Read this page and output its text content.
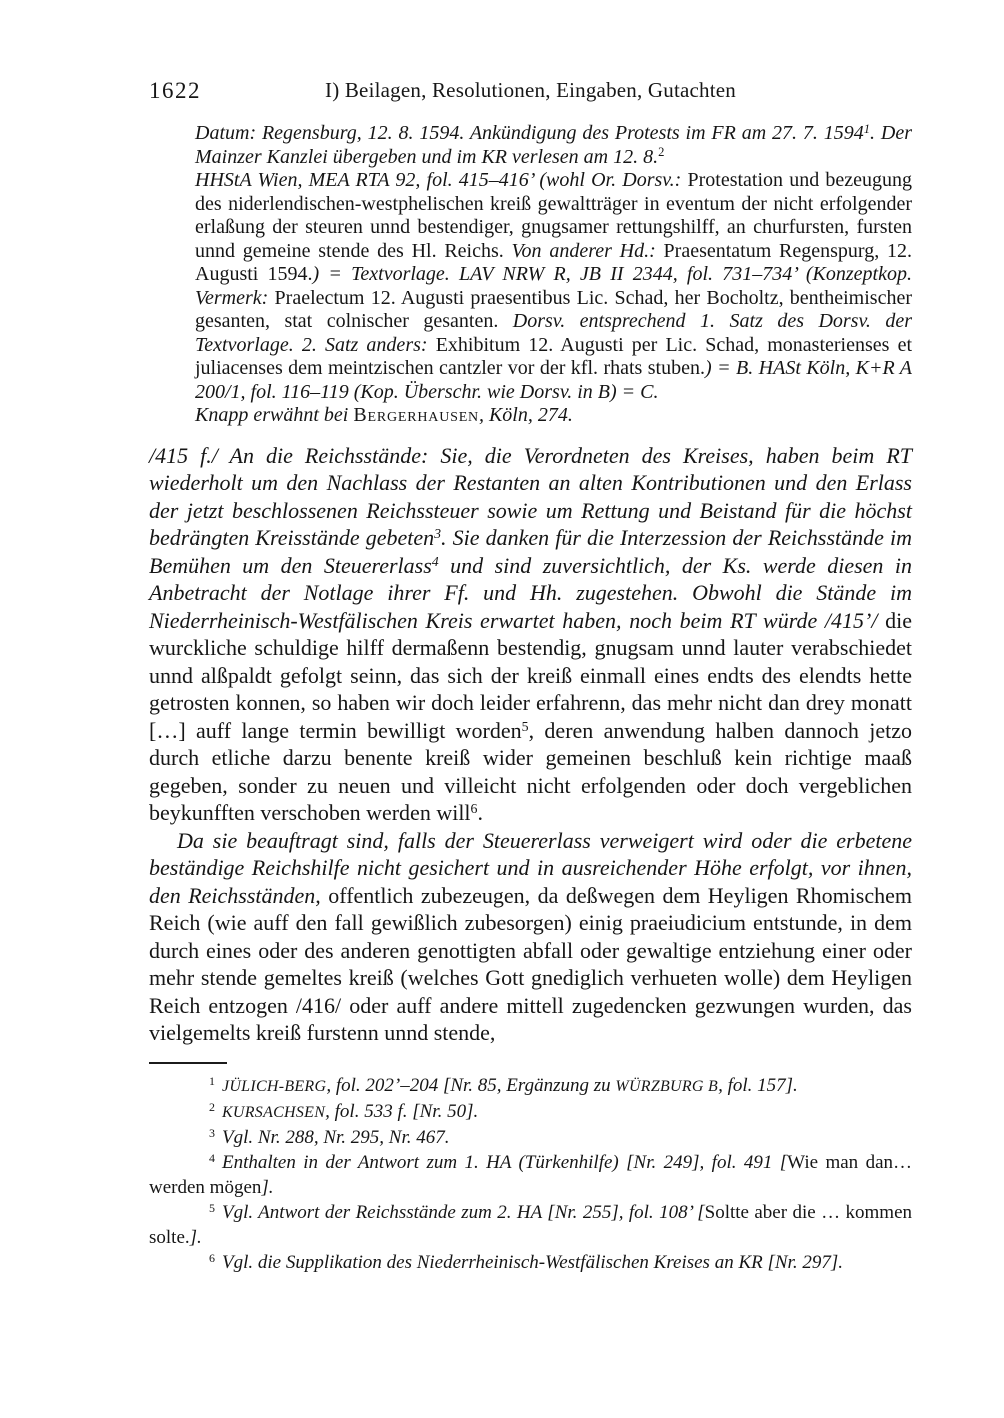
1622	I) Beilagen, Resolutionen, Eingaben, Gutachten

Datum: Regensburg, 12. 8. 1594. Ankündigung des Protests im FR am 27. 7. 1594$^1$. Der Mainzer Kanzlei übergeben und im KR verlesen am 12. 8.$^2$

HHStA Wien, MEA RTA 92, fol. 415–416’ (wohl Or. Dorsv.: Protestation und bezeugung des niderlendischen-westphelischen kreiß gewaltträger in eventum der nicht erfolgender erlaßung der steuren unnd bestendiger, gnugsamer rettungshilff, an churfursten, fursten unnd gemeine stende des Hl. Reichs. Von anderer Hd.: Praesentatum Regenspurg, 12. Augusti 1594.) = Textvorlage. LAV NRW R, JB II 2344, fol. 731–734’ (Konzeptkop. Vermerk: Praelectum 12. Augusti praesentibus Lic. Schad, her Bocholtz, bentheimischer gesanten, stat colnischer gesanten. Dorsv. entsprechend 1. Satz des Dorsv. der Textvorlage. 2. Satz anders: Exhibitum 12. Augusti per Lic. Schad, monasterienses et juliacenses dem meintzischen cantzler vor der kfl. rhats stuben.) = B. HASt Köln, K+R A 200/1, fol. 116–119 (Kop. Überschr. wie Dorsv. in B) = C.

Knapp erwähnt bei Bergerhausen, Köln, 274.

/415 f./ An die Reichsstände: Sie, die Verordneten des Kreises, haben beim RT wiederholt um den Nachlass der Restanten an alten Kontributionen und den Erlass der jetzt beschlossenen Reichssteuer sowie um Rettung und Beistand für die höchst bedrängten Kreisstände gebeten$^3$. Sie danken für die Interzession der Reichsstände im Bemühen um den Steuererlass$^4$ und sind zuversichtlich, der Ks. werde diesen in Anbetracht der Notlage ihrer Ff. und Hh. zugestehen. Obwohl die Stände im Niederrheinisch-Westfälischen Kreis erwartet haben, noch beim RT würde /415’/ die wurckliche schuldige hilff dermaßenn bestendig, gnugsam unnd lauter verabschiedet unnd alßpaldt gefolgt seinn, das sich der kreiß einmall eines endts des elendts hette getrosten konnen, so haben wir doch leider erfahrenn, das mehr nicht dan drey monatt […] auff lange termin bewilligt worden$^5$, deren anwendung halben dannoch jetzo durch etliche darzu benente kreiß wider gemeinen beschluß kein richtige maaß gegeben, sonder zu neuen und villeicht nicht erfolgenden oder doch vergeblichen beykunfften verschoben werden will$^6$.

Da sie beauftragt sind, falls der Steuererlass verweigert wird oder die erbetene beständige Reichshilfe nicht gesichert und in ausreichender Höhe erfolgt, vor ihnen, den Reichsständen, offentlich zubezeugen, da deßwegen dem Heyligen Rhomischem Reich (wie auff den fall gewißlich zubesorgen) einig praeiudicium entstunde, in dem durch eines oder des anderen genottigten abfall oder gewaltige entziehung einer oder mehr stende gemeltes kreiß (welches Gott gnediglich verhueten wolle) dem Heyligen Reich entzogen /416/ oder auff andere mittell zugedencken gezwungen wurden, das vielgemelts kreiß furstenn unnd stende,

1 JÜLICH-BERG, fol. 202’–204 [Nr. 85, Ergänzung zu WÜRZBURG B, fol. 157].

2 KURSACHSEN, fol. 533 f. [Nr. 50].

3 Vgl. Nr. 288, Nr. 295, Nr. 467.

4 Enthalten in der Antwort zum 1. HA (Türkenhilfe) [Nr. 249], fol. 491 [Wie man dan… werden mögen].

5 Vgl. Antwort der Reichsstände zum 2. HA [Nr. 255], fol. 108’ [Soltte aber die … kommen solte.].

6 Vgl. die Supplikation des Niederrheinisch-Westfälischen Kreises an KR [Nr. 297].
